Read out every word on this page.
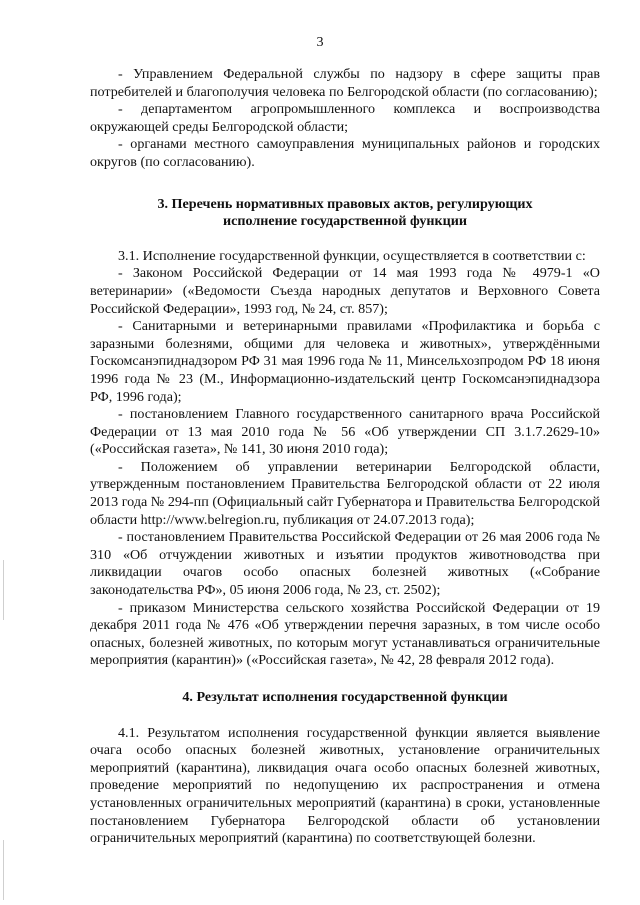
3

- Управлением Федеральной службы по надзору в сфере защиты прав потребителей и благополучия человека по Белгородской области (по согласованию);

- департаментом агропромышленного комплекса и воспроизводства окружающей среды Белгородской области;

- органами местного самоуправления муниципальных районов и городских округов (по согласованию).

3. Перечень нормативных правовых актов, регулирующих исполнение государственной функции

3.1. Исполнение государственной функции, осуществляется в соответствии с:

- Законом Российской Федерации от 14 мая 1993 года № 4979-1 «О ветеринарии» («Ведомости Съезда народных депутатов и Верховного Совета Российской Федерации», 1993 год, № 24, ст. 857);

- Санитарными и ветеринарными правилами «Профилактика и борьба с заразными болезнями, общими для человека и животных», утверждёнными Госкомсанэпиднадзором РФ 31 мая 1996 года № 11, Минсельхозпродом РФ 18 июня 1996 года № 23 (М., Информационно-издательский центр Госкомсанэпиднадзора РФ, 1996 года);

- постановлением Главного государственного санитарного врача Российской Федерации от 13 мая 2010 года № 56 «Об утверждении СП 3.1.7.2629-10» («Российская газета», № 141, 30 июня 2010 года);

- Положением об управлении ветеринарии Белгородской области, утвержденным постановлением Правительства Белгородской области от 22 июля 2013 года № 294-пп (Официальный сайт Губернатора и Правительства Белгородской области http://www.belregion.ru, публикация от 24.07.2013 года);

- постановлением Правительства Российской Федерации от 26 мая 2006 года № 310 «Об отчуждении животных и изъятии продуктов животноводства при ликвидации очагов особо опасных болезней животных («Собрание законодательства РФ», 05 июня 2006 года, № 23, ст. 2502);

- приказом Министерства сельского хозяйства Российской Федерации от 19 декабря 2011 года № 476 «Об утверждении перечня заразных, в том числе особо опасных, болезней животных, по которым могут устанавливаться ограничительные мероприятия (карантин)» («Российская газета», № 42, 28 февраля 2012 года).

4. Результат исполнения государственной функции

4.1. Результатом исполнения государственной функции является выявление очага особо опасных болезней животных, установление ограничительных мероприятий (карантина), ликвидация очага особо опасных болезней животных, проведение мероприятий по недопущению их распространения и отмена установленных ограничительных мероприятий (карантина) в сроки, установленные постановлением Губернатора Белгородской области об установлении ограничительных мероприятий (карантина) по соответствующей болезни.
